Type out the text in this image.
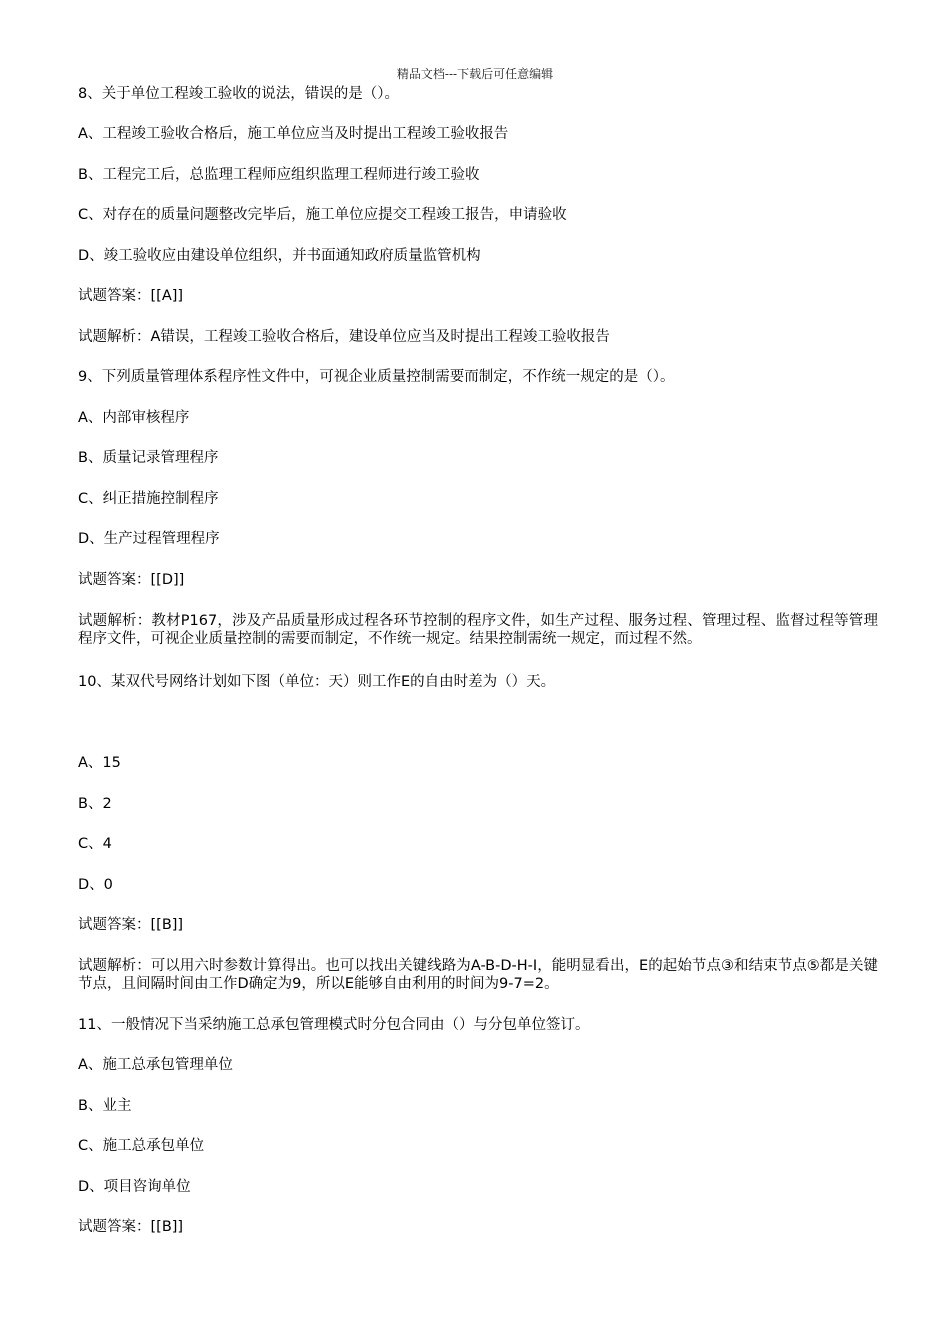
精品文档---下载后可任意编辑
8、关于单位工程竣工验收的说法，错误的是（）。
A、工程竣工验收合格后，施工单位应当及时提出工程竣工验收报告
B、工程完工后，总监理工程师应组织监理工程师进行竣工验收
C、对存在的质量问题整改完毕后，施工单位应提交工程竣工报告，申请验收
D、竣工验收应由建设单位组织，并书面通知政府质量监管机构
试题答案：[[A]]
试题解析：A错误，工程竣工验收合格后，建设单位应当及时提出工程竣工验收报告
9、下列质量管理体系程序性文件中，可视企业质量控制需要而制定，不作统一规定的是（）。
A、内部审核程序
B、质量记录管理程序
C、纠正措施控制程序
D、生产过程管理程序
试题答案：[[D]]
试题解析：教材P167，涉及产品质量形成过程各环节控制的程序文件，如生产过程、服务过程、管理过程、监督过程等管理程序文件，可视企业质量控制的需要而制定，不作统一规定。结果控制需统一规定，而过程不然。
10、某双代号网络计划如下图（单位：天）则工作E的自由时差为（）天。
A、15
B、2
C、4
D、0
试题答案：[[B]]
试题解析：可以用六时参数计算得出。也可以找出关键线路为A-B-D-H-I，能明显看出，E的起始节点③和结束节点⑤都是关键节点，且间隔时间由工作D确定为9，所以E能够自由利用的时间为9-7=2。
11、一般情况下当采纳施工总承包管理模式时分包合同由（）与分包单位签订。
A、施工总承包管理单位
B、业主
C、施工总承包单位
D、项目咨询单位
试题答案：[[B]]
